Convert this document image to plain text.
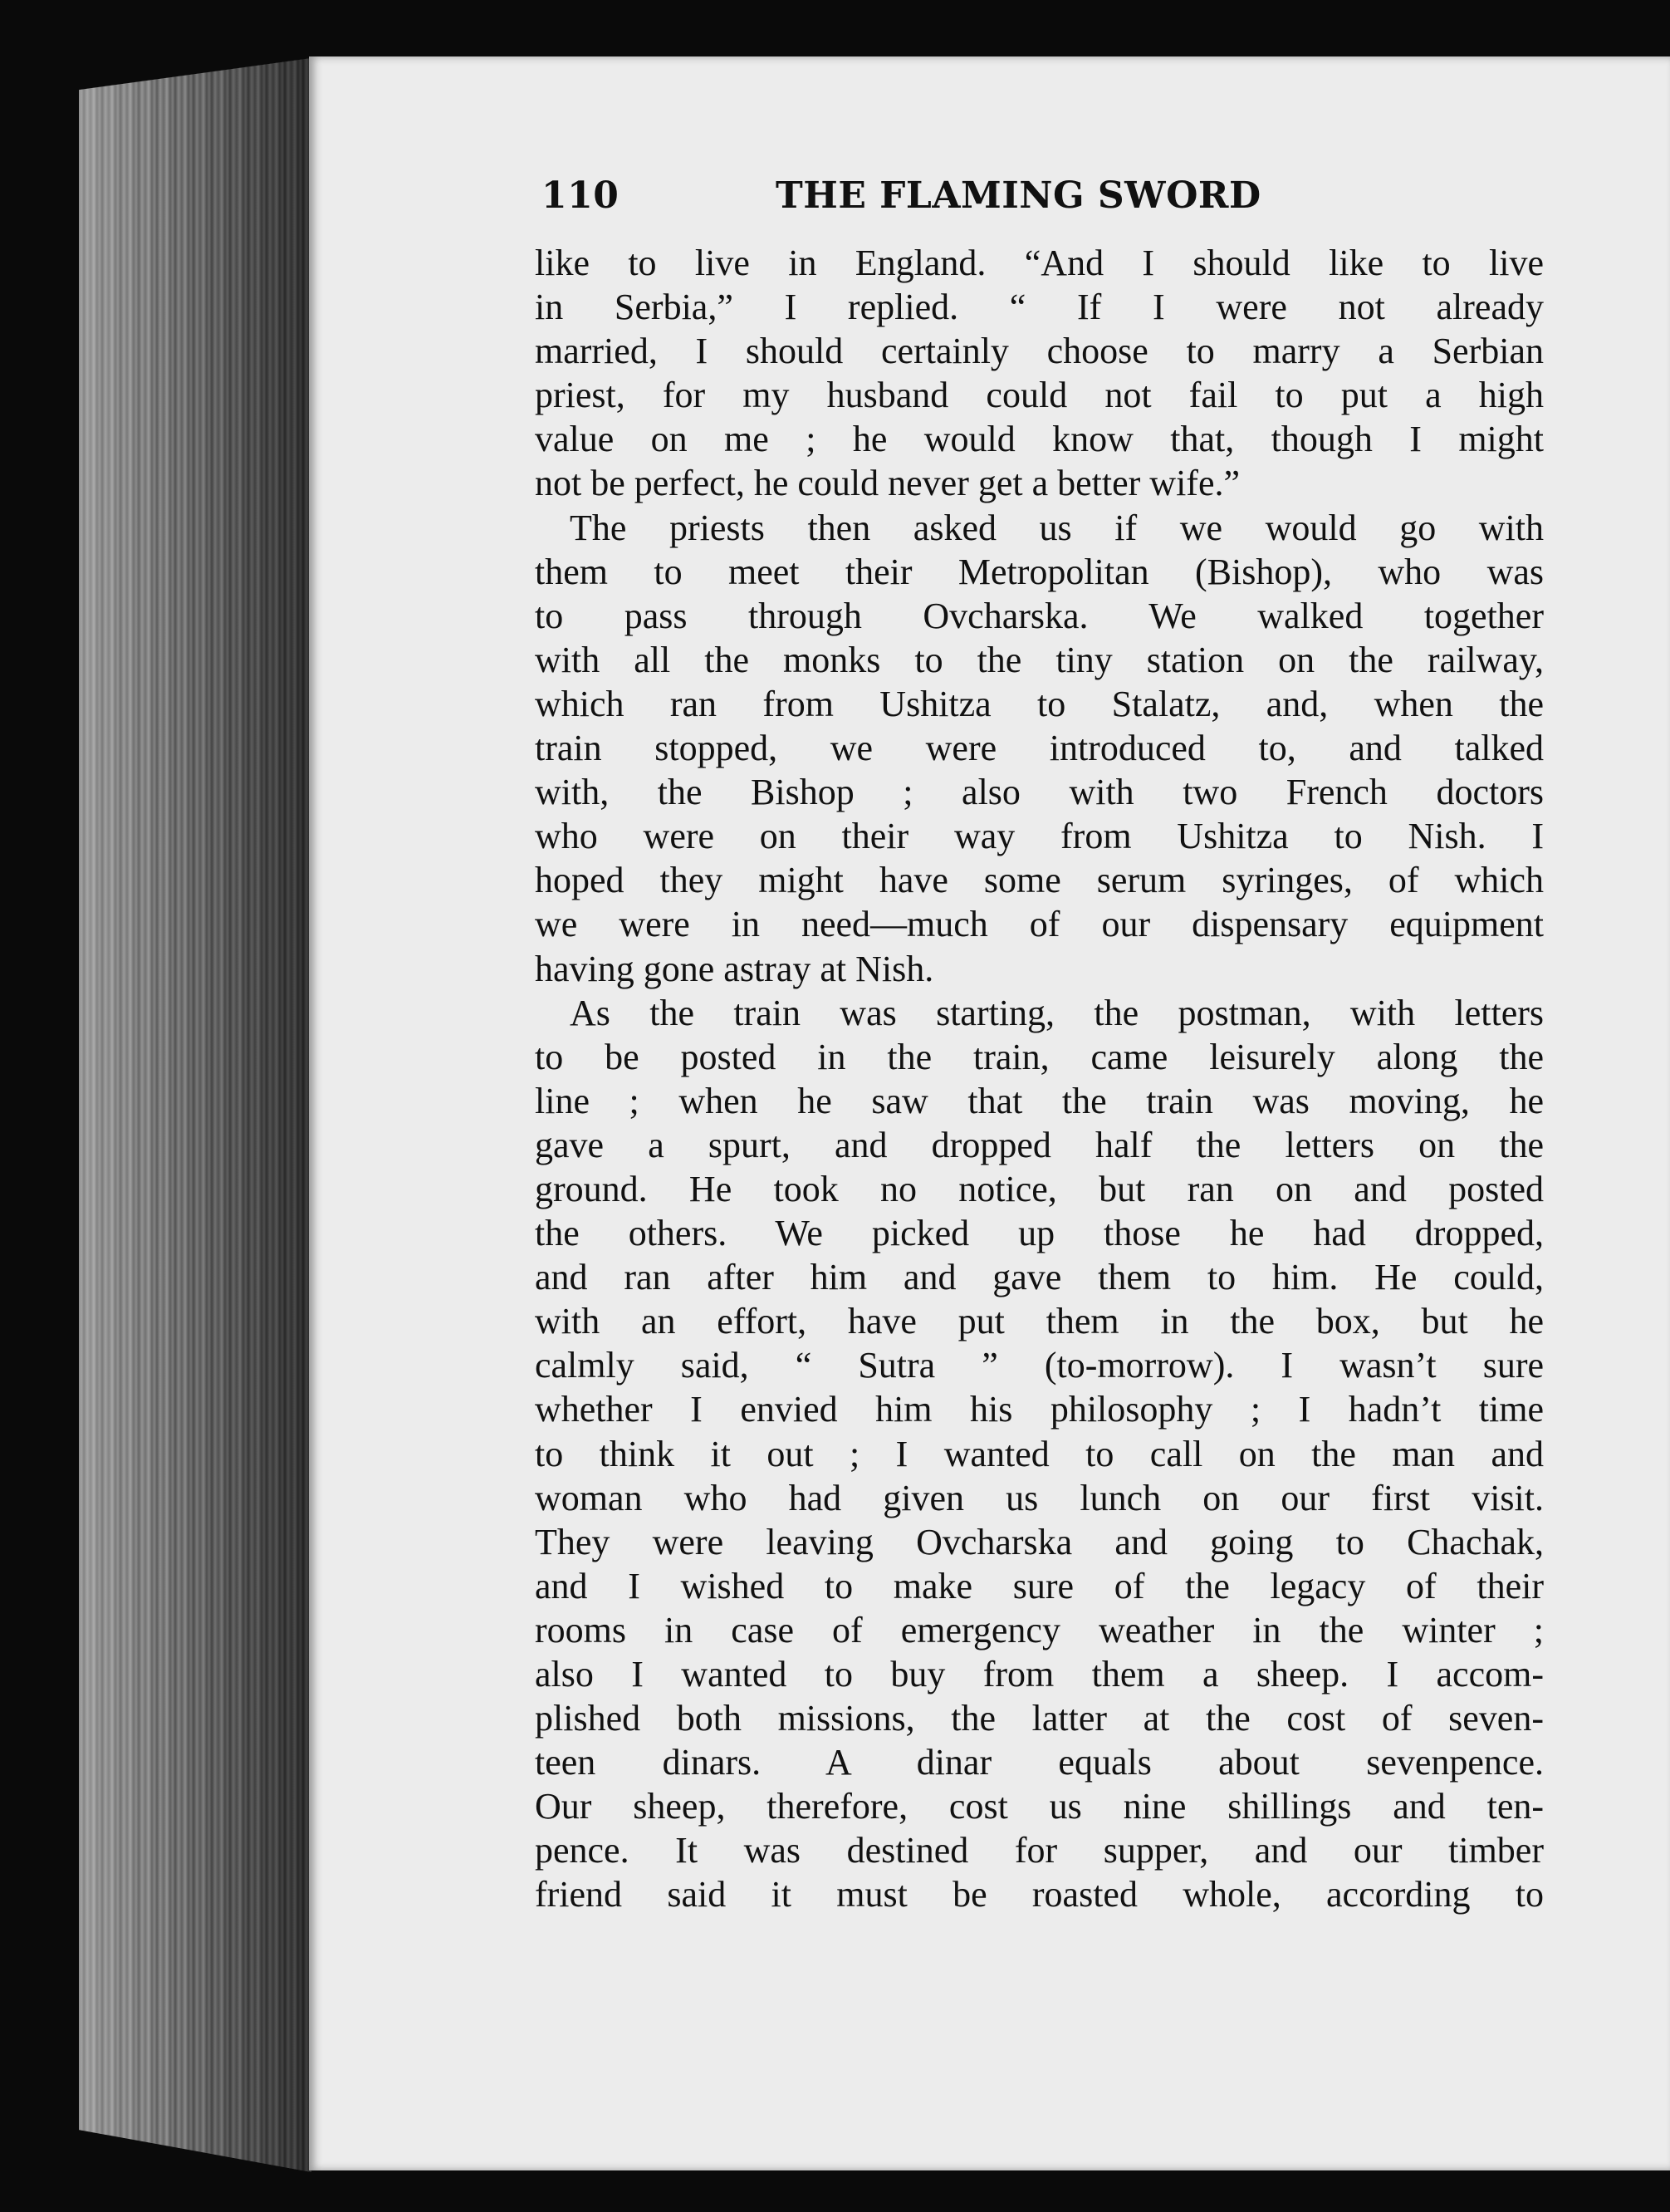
110	THE FLAMING SWORD
like to live in England. “And I should like to live
in Serbia,” I replied. “ If I were not already
married, I should certainly choose to marry a Serbian
priest, for my husband could not fail to put a high
value on me ; he would know that, though I might
not be perfect, he could never get a better wife.”
The priests then asked us if we would go with
them to meet their Metropolitan (Bishop), who was
to pass through Ovcharska. We walked together
with all the monks to the tiny station on the railway,
which ran from Ushitza to Stalatz, and, when the
train stopped, we were introduced to, and talked
with, the Bishop ; also with two French doctors
who were on their way from Ushitza to Nish. I
hoped they might have some serum syringes, of which
we were in need—much of our dispensary equipment
having gone astray at Nish.
As the train was starting, the postman, with letters
to be posted in the train, came leisurely along the
line ; when he saw that the train was moving, he
gave a spurt, and dropped half the letters on the
ground. He took no notice, but ran on and posted
the others. We picked up those he had dropped,
and ran after him and gave them to him. He could,
with an effort, have put them in the box, but he
calmly said, “ Sutra ” (to-morrow). I wasn’t sure
whether I envied him his philosophy ; I hadn’t time
to think it out ; I wanted to call on the man and
woman who had given us lunch on our first visit.
They were leaving Ovcharska and going to Chachak,
and I wished to make sure of the legacy of their
rooms in case of emergency weather in the winter ;
also I wanted to buy from them a sheep. I accom-
plished both missions, the latter at the cost of seven-
teen dinars. A dinar equals about sevenpence.
Our sheep, therefore, cost us nine shillings and ten-
pence. It was destined for supper, and our timber
friend said it must be roasted whole, according to
